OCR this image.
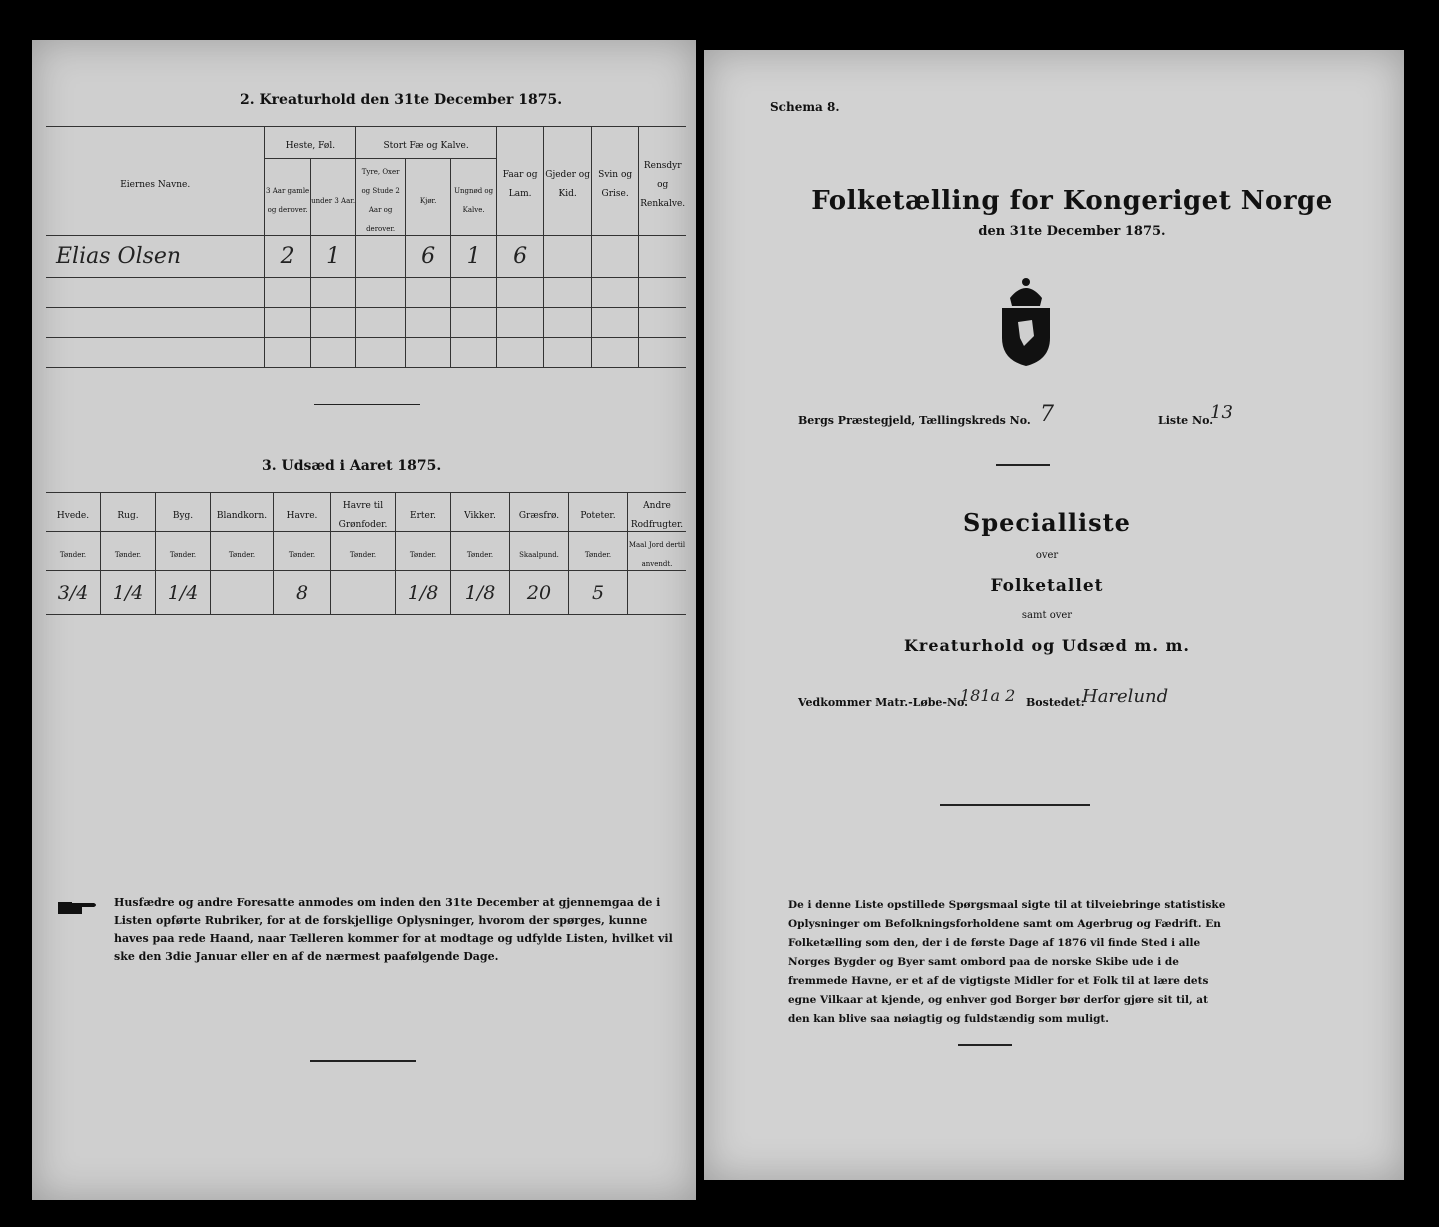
2. Kreaturhold den 31te December 1875.
Eiernes Navne.	Heste, Føl.		Stort Fæ og Kalve.			Faar og Lam.	Gjeder og Kid.	Svin og Grise.	Rensdyr og Renkalve.
	3 Aar gamle og derover.	under 3 Aar.	Tyre, Oxer og Stude 2 Aar og derover.	Kjør.	Ungnød og Kalve.				
Elias Olsen	2	1		6	1	6			

3. Udsæd i Aaret 1875.
Hvede.	Rug.	Byg.	Blandkorn.	Havre.	Havre til Grønfoder.	Erter.	Vikker.	Græsfrø.	Poteter.	Andre Rodfrugter.
Tønder.	Tønder.	Tønder.	Tønder.	Tønder.	Tønder.	Tønder.	Tønder.	Skaalpund.	Tønder.	Maal Jord dertil anvendt.
3/4	1/4	1/4		8		1/8	1/8	20	5	
Husfædre og andre Foresatte anmodes om inden den 31te December at gjennemgaa de i Listen opførte Rubriker, for at de forskjellige Oplysninger, hvorom der spørges, kunne haves paa rede Haand, naar Tælleren kommer for at modtage og udfylde Listen, hvilket vil ske den 3die Januar eller en af de nærmest paafølgende Dage.
Schema 8.
Folketælling for Kongeriget Norge
den 31te December 1875.
Bergs Præstegjeld, Tællingskreds No. 7	Liste No.
13
Specialliste
over
Folketallet
samt over
Kreaturhold og Udsæd m. m.
Vedkommer Matr.-Løbe-No.
181a 2 Bostedet:
Harelund
De i denne Liste opstillede Spørgsmaal sigte til at tilveiebringe statistiske Oplysninger om Befolkningsforholdene samt om Agerbrug og Fædrift. En Folketælling som den, der i de første Dage af 1876 vil finde Sted i alle Norges Bygder og Byer samt ombord paa de norske Skibe ude i de fremmede Havne, er et af de vigtigste Midler for et Folk til at lære dets egne Vilkaar at kjende, og enhver god Borger bør derfor gjøre sit til, at den kan blive saa nøiagtig og fuldstændig som muligt.
